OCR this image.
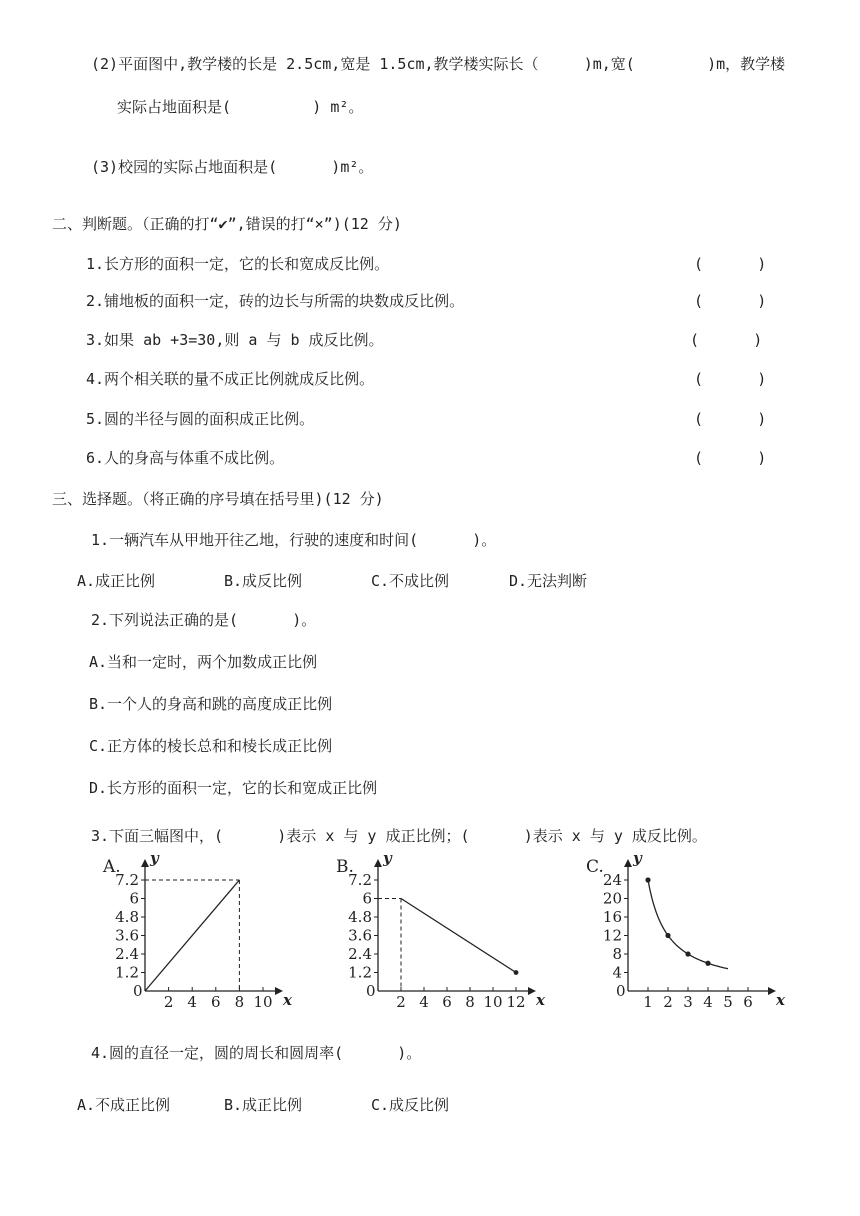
(2)平面图中,教学楼的长是 2.5cm,宽是 1.5cm,教学楼实际长（     )m,宽(        )m，教学楼
实际占地面积是(         ) m²。
(3)校园的实际占地面积是(      )m²。
二、判断题。（正确的打“✔”,错误的打“×”)(12 分)
1.长方形的面积一定，它的长和宽成反比例。	(      )
2.铺地板的面积一定，砖的边长与所需的块数成反比例。	(      )
3.如果 ab +3=30,则 a 与 b 成反比例。	(      )
4.两个相关联的量不成正比例就成反比例。	(      )
5.圆的半径与圆的面积成正比例。	(      )
6.人的身高与体重不成比例。	(      )
三、选择题。（将正确的序号填在括号里)(12 分)
1.一辆汽车从甲地开往乙地，行驶的速度和时间(      )。
A.成正比例	B.成反比例	C.不成比例	D.无法判断
2.下列说法正确的是(      )。
A.当和一定时，两个加数成正比例
B.一个人的身高和跳的高度成正比例
C.正方体的棱长总和和棱长成正比例
D.长方形的面积一定，它的长和宽成正比例
3.下面三幅图中，(      )表示 x 与 y 成正比例；(      )表示 x 与 y 成反比例。
A. y
x
0
1.2
2.4
3.6
4.8
6
7.2
2 4 6 8 10
B. y
x
0
1.2
2.4
3.6
4.8
6
7.2
2 4 6 8 10 12
C. y
x
0
4
8
12
16
20
24
1 2 3 4 5 6
4.圆的直径一定，圆的周长和圆周率(      )。
A.不成正比例	B.成正比例	C.成反比例
